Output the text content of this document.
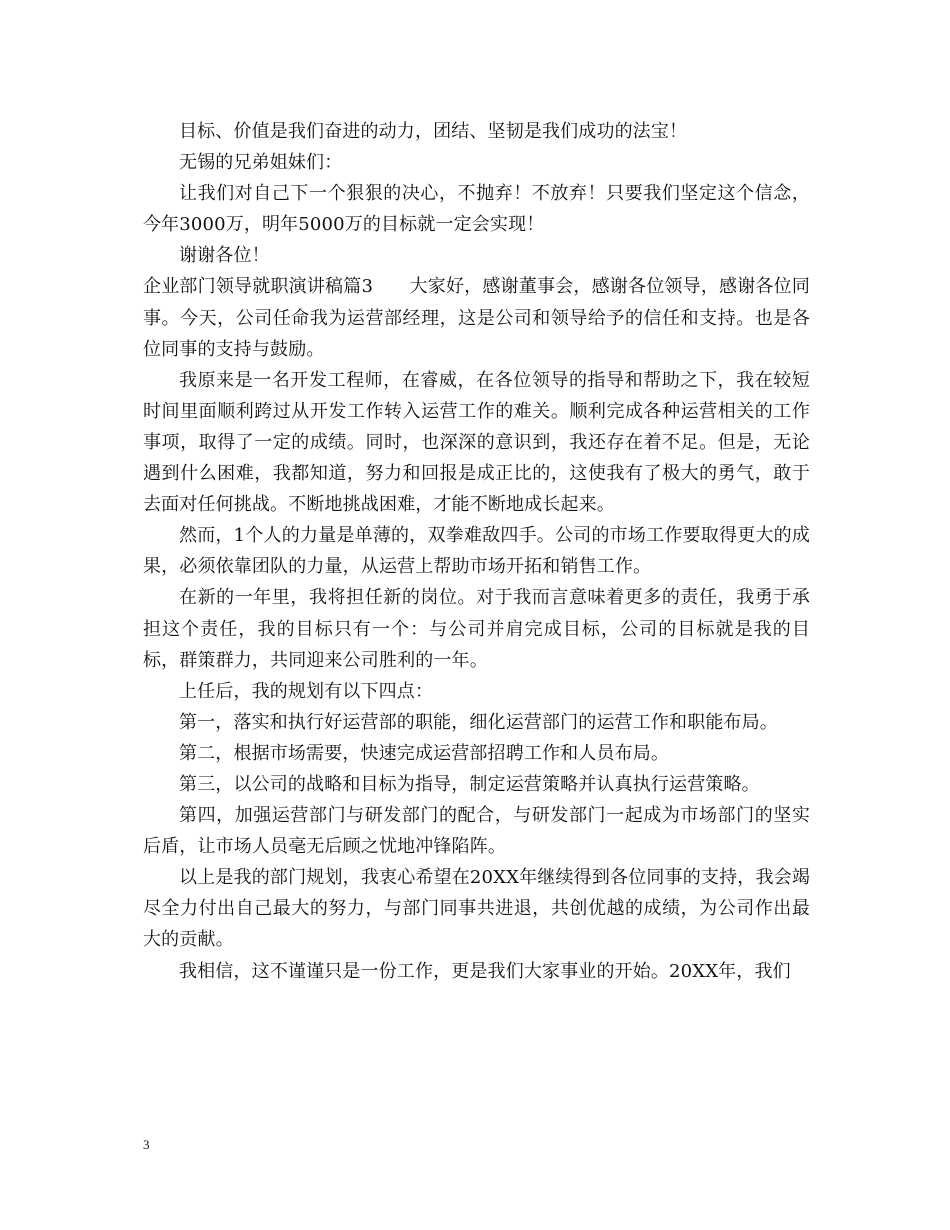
目标、价值是我们奋进的动力，团结、坚韧是我们成功的法宝！

无锡的兄弟姐妹们：

让我们对自己下一个狠狠的决心，不抛弃！不放弃！只要我们坚定这个信念，今年3000万，明年5000万的目标就一定会实现！

谢谢各位！

企业部门领导就职演讲稿篇3　　大家好，感谢董事会，感谢各位领导，感谢各位同事。今天，公司任命我为运营部经理，这是公司和领导给予的信任和支持。也是各位同事的支持与鼓励。

我原来是一名开发工程师，在睿威，在各位领导的指导和帮助之下，我在较短时间里面顺利跨过从开发工作转入运营工作的难关。顺利完成各种运营相关的工作事项，取得了一定的成绩。同时，也深深的意识到，我还存在着不足。但是，无论遇到什么困难，我都知道，努力和回报是成正比的，这使我有了极大的勇气，敢于去面对任何挑战。不断地挑战困难，才能不断地成长起来。

然而，1个人的力量是单薄的，双拳难敌四手。公司的市场工作要取得更大的成果，必须依靠团队的力量，从运营上帮助市场开拓和销售工作。

在新的一年里，我将担任新的岗位。对于我而言意味着更多的责任，我勇于承担这个责任，我的目标只有一个：与公司并肩完成目标，公司的目标就是我的目标，群策群力，共同迎来公司胜利的一年。

上任后，我的规划有以下四点：

第一，落实和执行好运营部的职能，细化运营部门的运营工作和职能布局。

第二，根据市场需要，快速完成运营部招聘工作和人员布局。

第三，以公司的战略和目标为指导，制定运营策略并认真执行运营策略。

第四，加强运营部门与研发部门的配合，与研发部门一起成为市场部门的坚实后盾，让市场人员毫无后顾之忧地冲锋陷阵。

以上是我的部门规划，我衷心希望在20XX年继续得到各位同事的支持，我会竭尽全力付出自己最大的努力，与部门同事共进退，共创优越的成绩，为公司作出最大的贡献。

我相信，这不谨谨只是一份工作，更是我们大家事业的开始。20XX年，我们

3
